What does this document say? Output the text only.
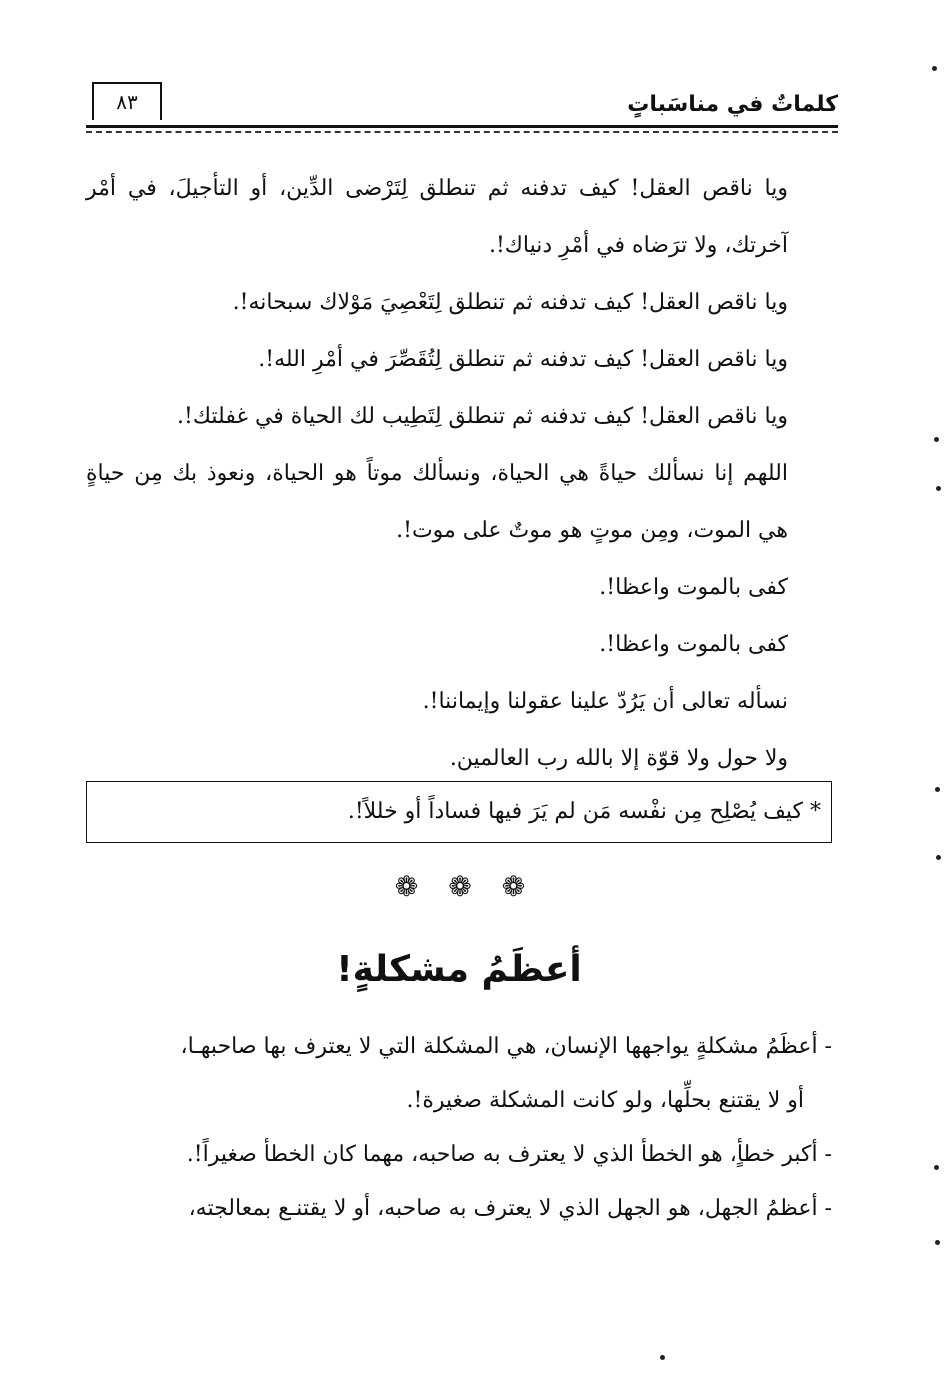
كلماتٌ في مناسَباتٍ
٨٣

ويا ناقص العقل! كيف تدفنه ثم تنطلق لِتَرْضى الدِّين، أو التأجيلَ، في أمْر آخرتك، ولا ترَضاه في أمْرِ دنياك!.

ويا ناقص العقل! كيف تدفنه ثم تنطلق لِتَعْصِيَ مَوْلاك سبحانه!.

ويا ناقص العقل! كيف تدفنه ثم تنطلق لِتُقَصِّرَ في أمْرِ الله!.

ويا ناقص العقل! كيف تدفنه ثم تنطلق لِتَطِيب لك الحياة في غفلتك!.

اللهم إنا نسألك حياةً هي الحياة، ونسألك موتاً هو الحياة، ونعوذ بك مِن حياةٍ هي الموت، ومِن موتٍ هو موتٌ على موت!.

كفى بالموت واعظا!.

كفى بالموت واعظا!.

نسأله تعالى أن يَرُدّ علينا عقولنا وإيماننا!.

ولا حول ولا قوّة إلا بالله رب العالمين.

* كيف يُصْلِح مِن نفْسه مَن لم يَرَ فيها فساداً أو خللاً!.
❁❁❁
أعظَمُ مشكلةٍ!

- أعظَمُ مشكلةٍ يواجهها الإنسان، هي المشكلة التي لا يعترف بها صاحبهـا،

أو لا يقتنع بحلِّها، ولو كانت المشكلة صغيرة!.

- أكبر خطأٍ، هو الخطأ الذي لا يعترف به صاحبه، مهما كان الخطأ صغيراً!.

- أعظمُ الجهل، هو الجهل الذي لا يعترف به صاحبه، أو لا يقتنـع بمعالجته،
